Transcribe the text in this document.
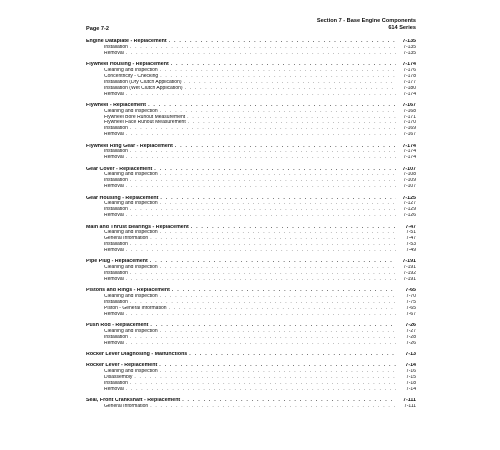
Page 7-2
Section 7 - Base Engine Components
614 Series
Engine Dataplate - Replacement . . .	7-135
Installation . . .	7-135
Removal . . .	7-135
Flywheel Housing - Replacement . . .	7-174
Cleaning and Inspection . . .	7-176
Concentricity - Checking . . .	7-178
Installation (Dry Clutch Application) . . .	7-177
Installation (Wet Clutch Application) . . .	7-180
Removal . . .	7-174
Flywheel - Replacement . . .	7-167
Cleaning and Inspection . . .	7-168
Flywheel Bore Runout Measurement . . .	7-171
Flywheel Face Runout Measurement . . .	7-170
Installation . . .	7-169
Removal . . .	7-167
Flywheel Ring Gear - Replacement . . .	7-174
Installation . . .	7-174
Removal . . .	7-174
Gear Cover - Replacement . . .	7-107
Cleaning and Inspection . . .	7-108
Installation . . .	7-109
Removal . . .	7-107
Gear Housing - Replacement . . .	7-125
Cleaning and Inspection . . .	7-127
Installation . . .	7-129
Removal . . .	7-126
Main and Thrust Bearings - Replacement . . .	7-47
Cleaning and Inspection . . .	7-51
General Information . . .	7-47
Installation . . .	7-53
Removal . . .	7-49
Pipe Plug - Replacement . . .	7-191
Cleaning and Inspection . . .	7-191
Installation . . .	7-192
Removal . . .	7-191
Pistons and Rings - Replacement . . .	7-65
Cleaning and Inspection . . .	7-70
Installation . . .	7-75
Piston - General Information . . .	7-65
Removal . . .	7-67
Push Rod - Replacement . . .	7-26
Cleaning and Inspection . . .	7-27
Installation . . .	7-28
Removal . . .	7-26
Rocker Lever Diagnosing - Malfunctions . . .	7-13
Rocker Lever - Replacement . . .	7-14
Cleaning and Inspection . . .	7-16
Disassembly . . .	7-15
Installation . . .	7-18
Removal . . .	7-14
Seal, Front Crankshaft - Replacement . . .	7-111
General Information . . .	7-111
